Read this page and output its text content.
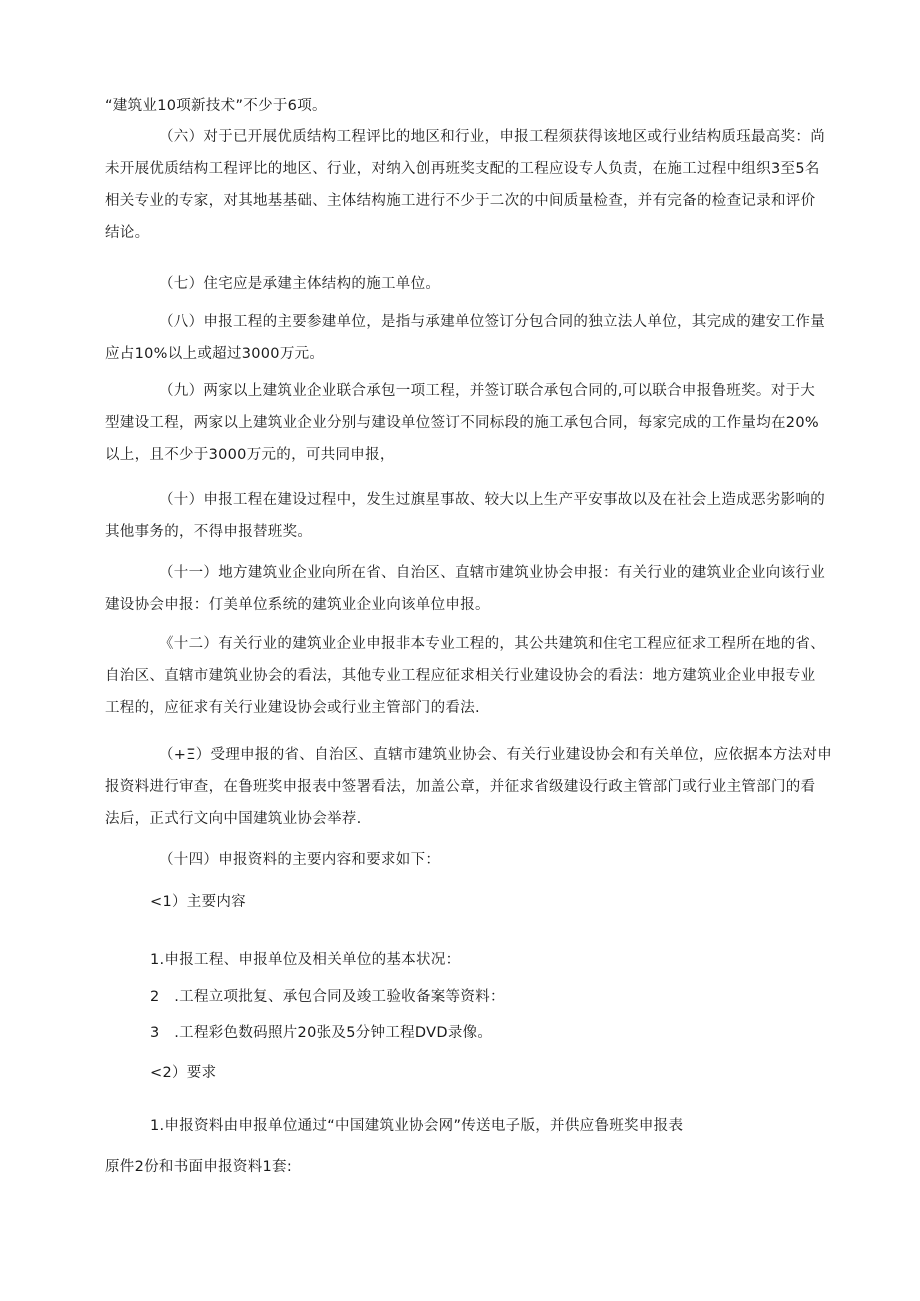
“建筑业10项新技术”不少于6项。

（六）对于已开展优质结构工程评比的地区和行业，申报工程须获得该地区或行业结构质珏最高奖：尚
未开展优质结构工程评比的地区、行业，对纳入创再班奖支配的工程应设专人负责，在施工过程中组织3至5名
相关专业的专家，对其地基基础、主体结构施工进行不少于二次的中间质量检查，并有完备的检查记录和评价
结论。

（七）住宅应是承建主体结构的施工单位。

（八）申报工程的主要参建单位，是指与承建单位签订分包合同的独立法人单位，其完成的建安工作量
应占10%以上或超过3000万元。
（九）两家以上建筑业企业联合承包一项工程，并签订联合承包合同的,可以联合申报鲁班奖。对于大
型建设工程，两家以上建筑业企业分别与建设单位签订不同标段的施工承包合同，每家完成的工作量均在20%
以上，且不少于3000万元的，可共同申报，
（十）申报工程在建设过程中，发生过旗星事故、较大以上生产平安事故以及在社会上造成恶劣影响的
其他事务的，不得申报替班奖。
（十一）地方建筑业企业向所在省、自治区、直辖市建筑业协会申报：有关行业的建筑业企业向该行业
建设协会申报：仃美单位系统的建筑业企业向该单位申报。
《十二）有关行业的建筑业企业申报非本专业工程的，其公共建筑和住宅工程应征求工程所在地的省、
自治区、直辖市建筑业协会的看法，其他专业工程应征求相关行业建设协会的看法：地方建筑业企业申报专业
工程的，应征求有关行业建设协会或行业主管部门的看法.
（+Ξ）受理申报的省、自治区、直辖市建筑业协会、有关行业建设协会和有关单位，应依据本方法对申
报资料进行审查，在鲁班奖申报表中签署看法，加盖公章，并征求省级建设行政主管部门或行业主管部门的看
法后，正式行文向中国建筑业协会举荐.

（十四）申报资料的主要内容和要求如下：

<1）主要内容

1.申报工程、申报单位及相关单位的基本状况：

2   .工程立项批复、承包合同及竣工验收备案等资料：

3   .工程彩色数码照片20张及5分钟工程DVD录像。

<2）要求

1.申报资料由申报单位通过“中国建筑业协会网”传送电子版，并供应鲁班奖申报表

原件2份和书面申报资料1套:
